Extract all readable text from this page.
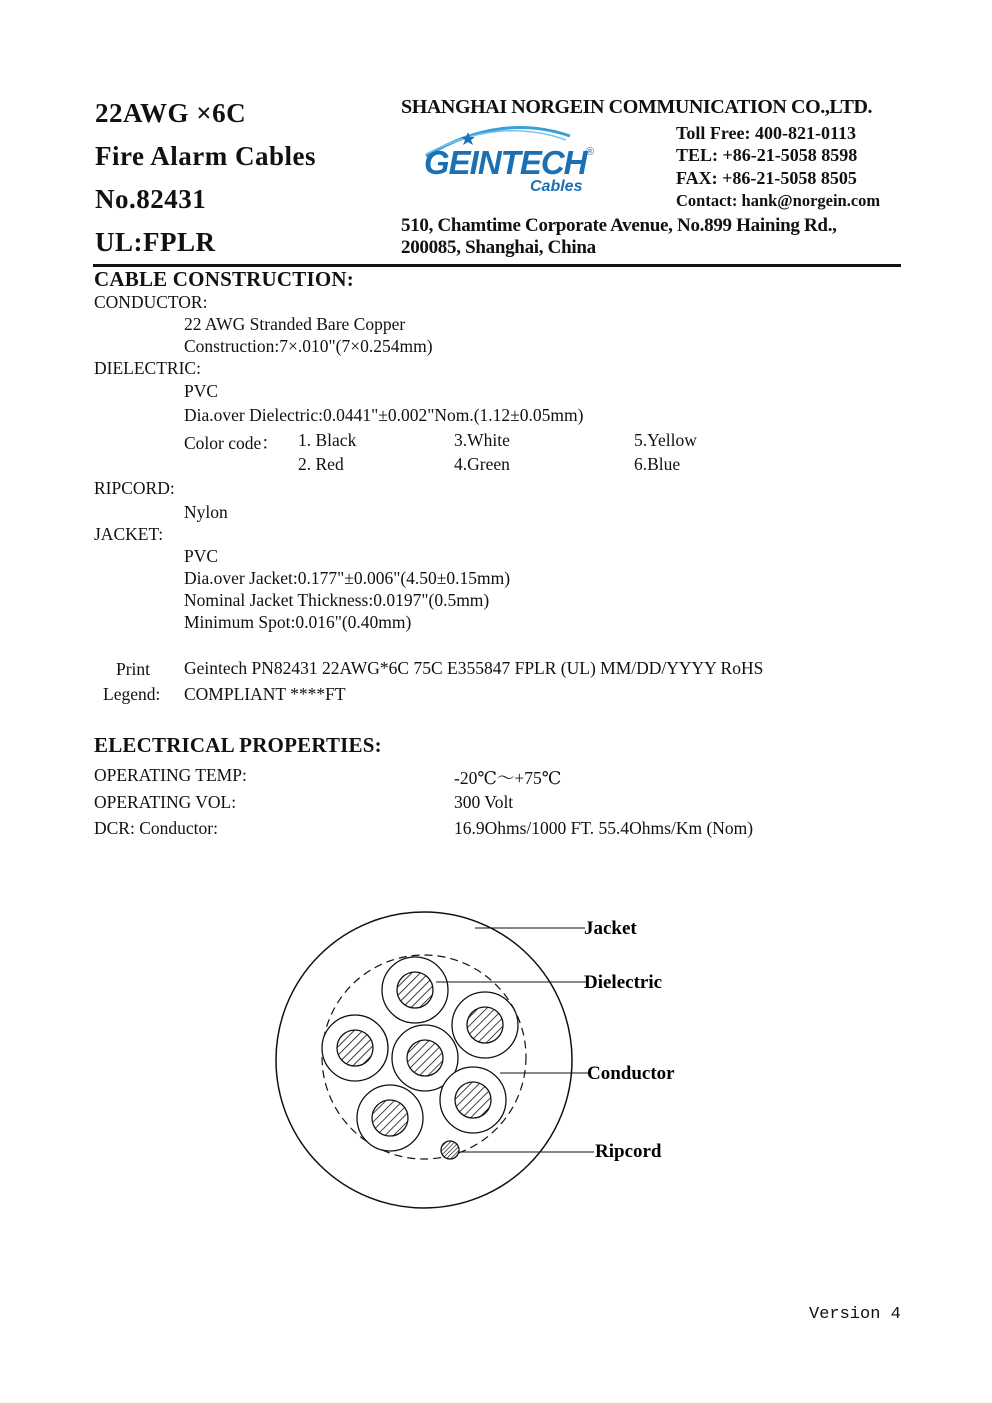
22AWG ×6C
Fire Alarm Cables
No.82431
UL:FPLR
SHANGHAI NORGEIN COMMUNICATION CO.,LTD.
GEINTECH
Cables
®
Toll Free: 400-821-0113
TEL: +86-21-5058 8598
FAX: +86-21-5058 8505
Contact: hank@norgein.com
510, Chamtime Corporate Avenue, No.899 Haining Rd.,
200085, Shanghai, China
CABLE CONSTRUCTION:
CONDUCTOR:
22 AWG Stranded Bare Copper
Construction:7×.010"(7×0.254mm)
DIELECTRIC:
PVC
Dia.over Dielectric:0.0441"±0.002"Nom.(1.12±0.05mm)
Color code： 1. Black	3.White	5.Yellow
2. Red	4.Green	6.Blue
RIPCORD:
Nylon
JACKET:
PVC
Dia.over Jacket:0.177"±0.006"(4.50±0.15mm)
Nominal Jacket Thickness:0.0197"(0.5mm)
Minimum Spot:0.016"(0.40mm)
Print
Legend:
Geintech PN82431 22AWG*6C 75C E355847 FPLR (UL) MM/DD/YYYY RoHS
COMPLIANT ****FT
ELECTRICAL PROPERTIES:
OPERATING TEMP:	-20℃～+75℃
OPERATING VOL:	300 Volt
DCR: Conductor:	16.9Ohms/1000 FT. 55.4Ohms/Km (Nom)
Jacket
Dielectric
Conductor
Ripcord
Version 4
